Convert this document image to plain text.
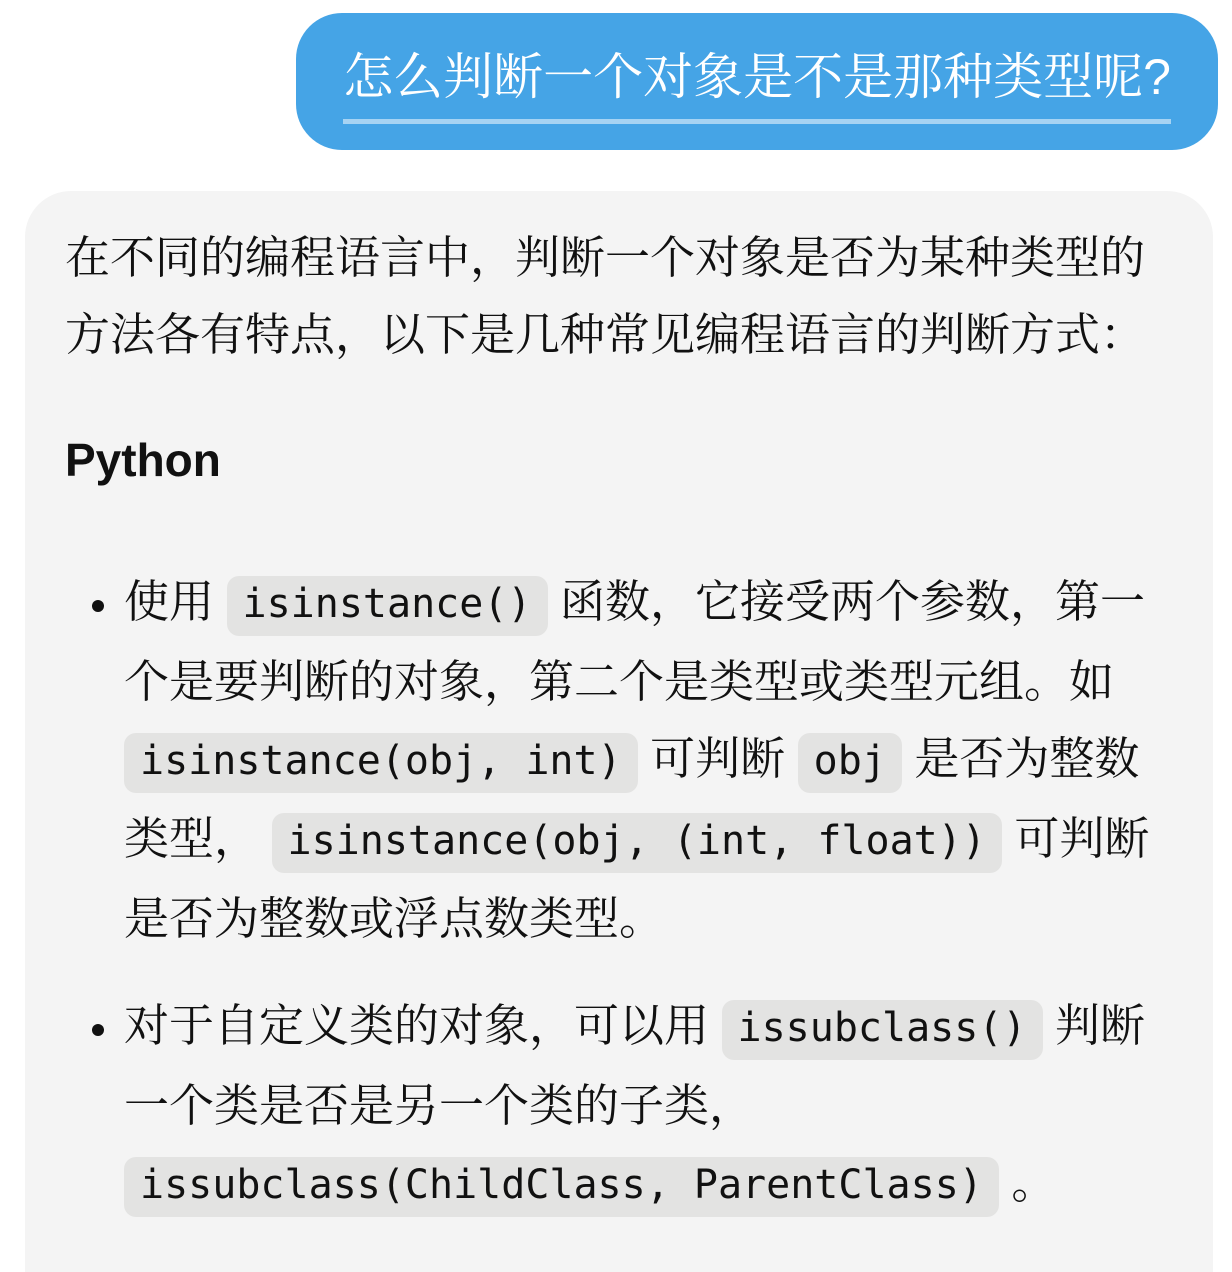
怎么判断一个对象是不是那种类型呢?

在不同的编程语言中，判断一个对象是否为某种类型的方法各有特点，以下是几种常见编程语言的判断方式：

Python
• 使用 isinstance() 函数，它接受两个参数，第一个是要判断的对象，第二个是类型或类型元组。如 isinstance(obj, int) 可判断 obj 是否为整数类型， isinstance(obj, (int, float)) 可判断是否为整数或浮点数类型。
• 对于自定义类的对象，可以用 issubclass() 判断一个类是否是另一个类的子类， issubclass(ChildClass, ParentClass) 。
